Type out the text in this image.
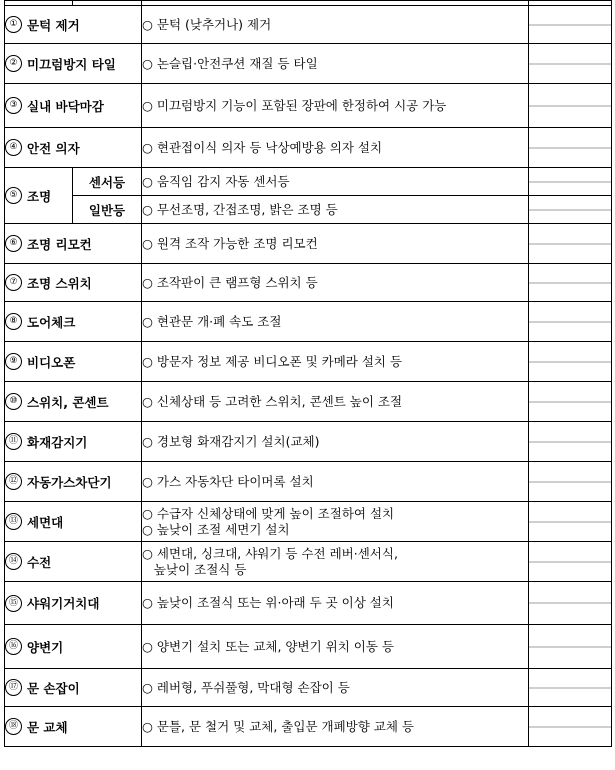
① 문턱 제거		○ 문턱 (낮추거나) 제거	

② 미끄럼방지 타일		○ 논슬립·안전쿠션 재질 등 타일	

③ 실내 바닥마감		○ 미끄럼방지 기능이 포함된 장판에 한정하여 시공 가능	

④ 안전 의자		○ 현관접이식 의자 등 낙상예방용 의자 설치	

⑤ 조명	센서등	○ 움직임 감지 자동 센서등	

	일반등	○ 무선조명, 간접조명, 밝은 조명 등	

⑥ 조명 리모컨		○ 원격 조작 가능한 조명 리모컨	

⑦ 조명 스위치		○ 조작판이 큰 램프형 스위치 등	

⑧ 도어체크		○ 현관문 개·폐 속도 조절	

⑨ 비디오폰		○ 방문자 정보 제공 비디오폰 및 카메라 설치 등	

⑩ 스위치, 콘센트		○ 신체상태 등 고려한 스위치, 콘센트 높이 조절	

⑪ 화재감지기		○ 경보형 화재감지기 설치(교체)	

⑫ 자동가스차단기		○ 가스 자동차단 타이머록 설치	

⑬ 세면대		○ 수급자 신체상태에 맞게 높이 조절하여 설치
○ 높낮이 조절 세면기 설치	

⑭ 수전		○ 세면대, 싱크대, 샤워기 등 수전 레버·센서식,
높낮이 조절식 등	

⑮ 샤워기거치대		○ 높낮이 조절식 또는 위·아래 두 곳 이상 설치	

⑯ 양변기		○ 양변기 설치 또는 교체, 양변기 위치 이동 등	

⑰ 문 손잡이		○ 레버형, 푸쉬풀형, 막대형 손잡이 등	

⑱ 문 교체		○ 문틀, 문 철거 및 교체, 출입문 개폐방향 교체 등	
